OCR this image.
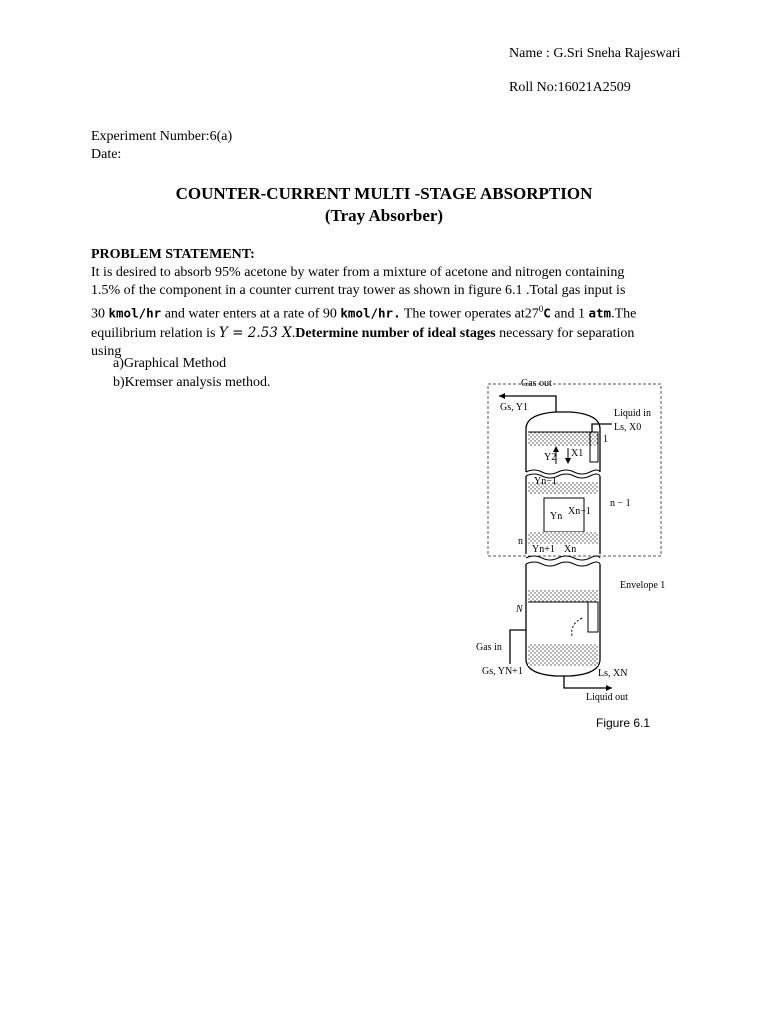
Name : G.Sri Sneha Rajeswari
Roll No:16021A2509
Experiment Number:6(a)
Date:
COUNTER-CURRENT MULTI -STAGE ABSORPTION
(Tray Absorber)
PROBLEM STATEMENT:
It is desired to absorb 95% acetone by water from a mixture of acetone and nitrogen containing
1.5% of the component in a counter current tray tower as shown in figure 6.1 .Total gas input is
30 kmol/hr and water enters at a rate of 90 kmol/hr. The tower operates $at27^0C$ and 1 atm.The
equilibrium relation is Y = 2.53 X.Determine number of ideal stages necessary for separation
using
a)Graphical Method
b)Kremser analysis method.	Gas out
Gs, Y1
Liquid in
Ls, X0
1
Y2 X1
Yn−1
n − 1
Yn Xn−1
n
Yn+1 Xn
Envelope 1
N
Gas in
Gs, YN+1	Ls, XN
Liquid out
Figure 6.1
